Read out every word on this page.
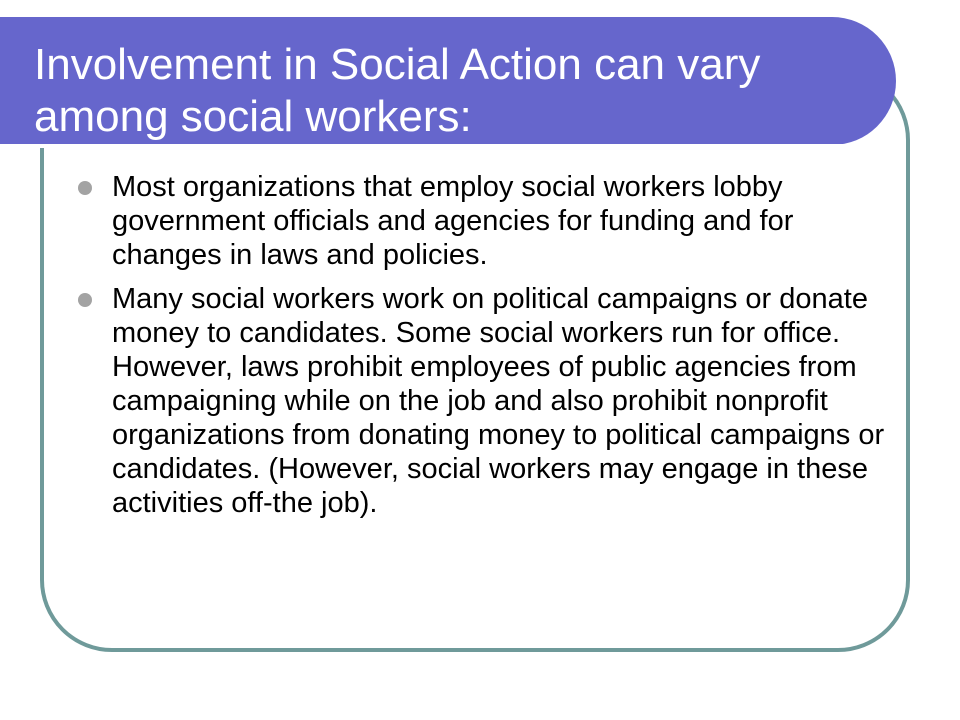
Involvement in Social Action can vary among social workers:
Most organizations that employ social workers lobby government officials and agencies for funding and for changes in laws and policies.
Many social workers work on political campaigns or donate money to candidates. Some social workers run for office. However, laws prohibit employees of public agencies from campaigning while on the job and also prohibit nonprofit organizations from donating money to political campaigns or candidates. (However, social workers may engage in these activities off-the job).
